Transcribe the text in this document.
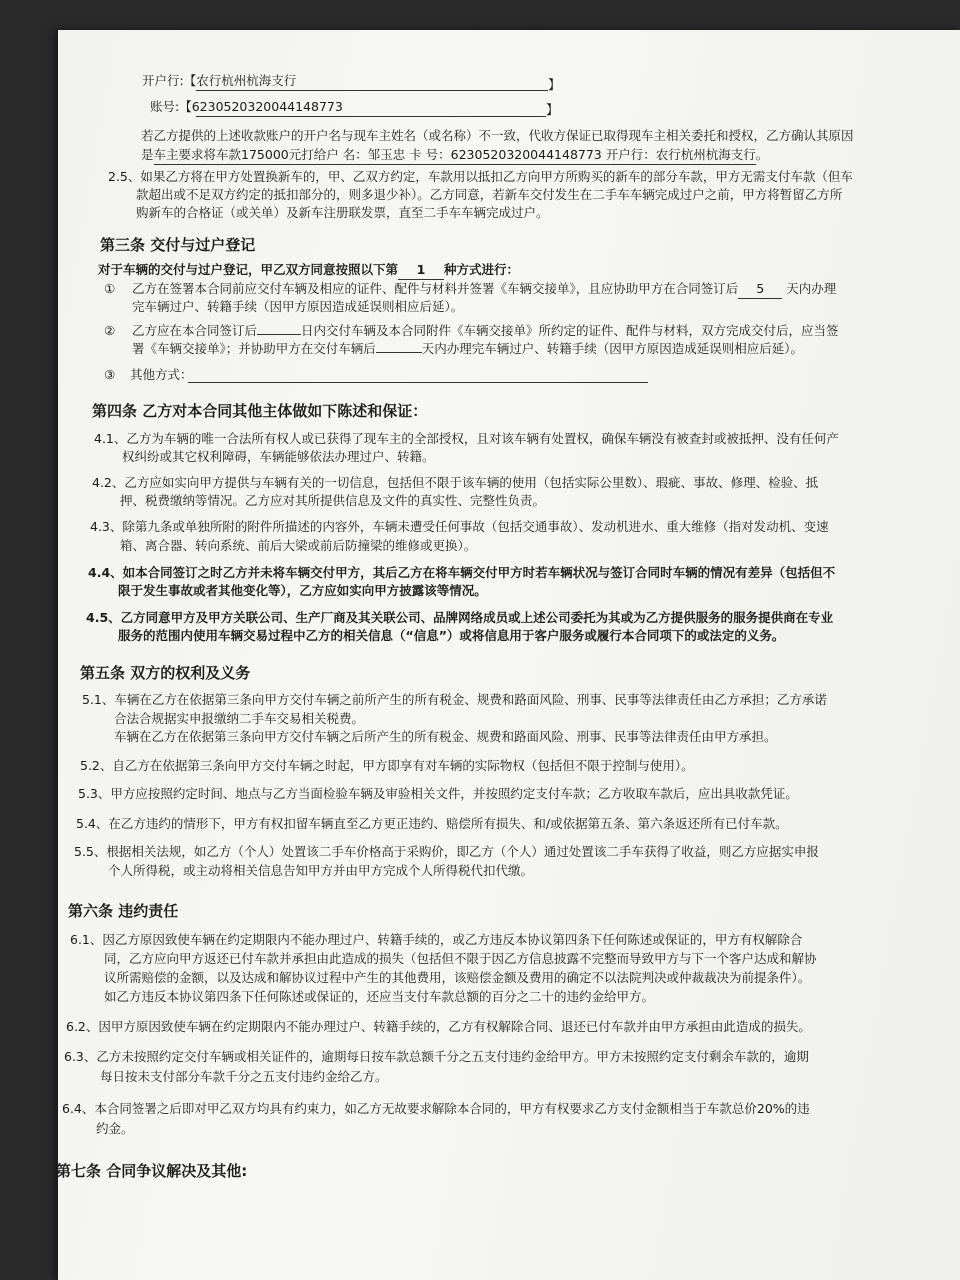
开户行:【农行杭州杭海支行	】
账号:【6230520320044148773	】
若乙方提供的上述收款账户的开户名与现车主姓名（或名称）不一致，代收方保证已取得现车主相关委托和授权，乙方确认其原因
是车主要求将车款175000元打给户 名：邹玉忠 卡 号：6230520320044148773 开户行：农行杭州杭海支行。
2.5、如果乙方将在甲方处置换新车的，甲、乙双方约定，车款用以抵扣乙方向甲方所购买的新车的部分车款，甲方无需支付车款（但车
款超出或不足双方约定的抵扣部分的，则多退少补）。乙方同意，若新车交付发生在二手车车辆完成过户之前，甲方将暂留乙方所
购新车的合格证（或关单）及新车注册联发票，直至二手车车辆完成过户。
第三条 交付与过户登记
对于车辆的交付与过户登记，甲乙双方同意按照以下第 1 种方式进行：
① 乙方在签署本合同前应交付车辆及相应的证件、配件与材料并签署《车辆交接单》，且应协助甲方在合同签订后 5 天内办理
完车辆过户、转籍手续（因甲方原因造成延误则相应后延）。
② 乙方应在本合同签订后	日内交付车辆及本合同附件《车辆交接单》所约定的证件、配件与材料，双方完成交付后，应当签
署《车辆交接单》；并协助甲方在交付车辆后	天内办理完车辆过户、转籍手续（因甲方原因造成延误则相应后延）。
③ 其他方式：
第四条 乙方对本合同其他主体做如下陈述和保证：
4.1、乙方为车辆的唯一合法所有权人或已获得了现车主的全部授权，且对该车辆有处置权，确保车辆没有被查封或被抵押、没有任何产
权纠纷或其它权利障碍，车辆能够依法办理过户、转籍。
4.2、乙方应如实向甲方提供与车辆有关的一切信息，包括但不限于该车辆的使用（包括实际公里数）、瑕疵、事故、修理、检验、抵
押、税费缴纳等情况。乙方应对其所提供信息及文件的真实性、完整性负责。
4.3、除第九条或单独所附的附件所描述的内容外，车辆未遭受任何事故（包括交通事故）、发动机进水、重大维修（指对发动机、变速
箱、离合器、转向系统、前后大梁或前后防撞梁的维修或更换）。
4.4、如本合同签订之时乙方并未将车辆交付甲方，其后乙方在将车辆交付甲方时若车辆状况与签订合同时车辆的情况有差异（包括但不
限于发生事故或者其他变化等），乙方应如实向甲方披露该等情况。
4.5、乙方同意甲方及甲方关联公司、生产厂商及其关联公司、品牌网络成员或上述公司委托为其或为乙方提供服务的服务提供商在专业
服务的范围内使用车辆交易过程中乙方的相关信息（“信息”）或将信息用于客户服务或履行本合同项下的或法定的义务。
第五条 双方的权利及义务
5.1、车辆在乙方在依据第三条向甲方交付车辆之前所产生的所有税金、规费和路面风险、刑事、民事等法律责任由乙方承担；乙方承诺
合法合规据实申报缴纳二手车交易相关税费。
车辆在乙方在依据第三条向甲方交付车辆之后所产生的所有税金、规费和路面风险、刑事、民事等法律责任由甲方承担。
5.2、自乙方在依据第三条向甲方交付车辆之时起，甲方即享有对车辆的实际物权（包括但不限于控制与使用）。
5.3、甲方应按照约定时间、地点与乙方当面检验车辆及审验相关文件，并按照约定支付车款；乙方收取车款后，应出具收款凭证。
5.4、在乙方违约的情形下，甲方有权扣留车辆直至乙方更正违约、赔偿所有损失、和/或依据第五条、第六条返还所有已付车款。
5.5、根据相关法规，如乙方（个人）处置该二手车价格高于采购价，即乙方（个人）通过处置该二手车获得了收益，则乙方应据实申报
个人所得税，或主动将相关信息告知甲方并由甲方完成个人所得税代扣代缴。
第六条 违约责任
6.1、因乙方原因致使车辆在约定期限内不能办理过户、转籍手续的，或乙方违反本协议第四条下任何陈述或保证的，甲方有权解除合
同，乙方应向甲方返还已付车款并承担由此造成的损失（包括但不限于因乙方信息披露不完整而导致甲方与下一个客户达成和解协
议所需赔偿的金额，以及达成和解协议过程中产生的其他费用，该赔偿金额及费用的确定不以法院判决或仲裁裁决为前提条件）。
如乙方违反本协议第四条下任何陈述或保证的，还应当支付车款总额的百分之二十的违约金给甲方。
6.2、因甲方原因致使车辆在约定期限内不能办理过户、转籍手续的，乙方有权解除合同、退还已付车款并由甲方承担由此造成的损失。
6.3、乙方未按照约定交付车辆或相关证件的，逾期每日按车款总额千分之五支付违约金给甲方。甲方未按照约定支付剩余车款的，逾期
每日按未支付部分车款千分之五支付违约金给乙方。
6.4、本合同签署之后即对甲乙双方均具有约束力，如乙方无故要求解除本合同的，甲方有权要求乙方支付金额相当于车款总价20%的违
约金。
第七条 合同争议解决及其他:
